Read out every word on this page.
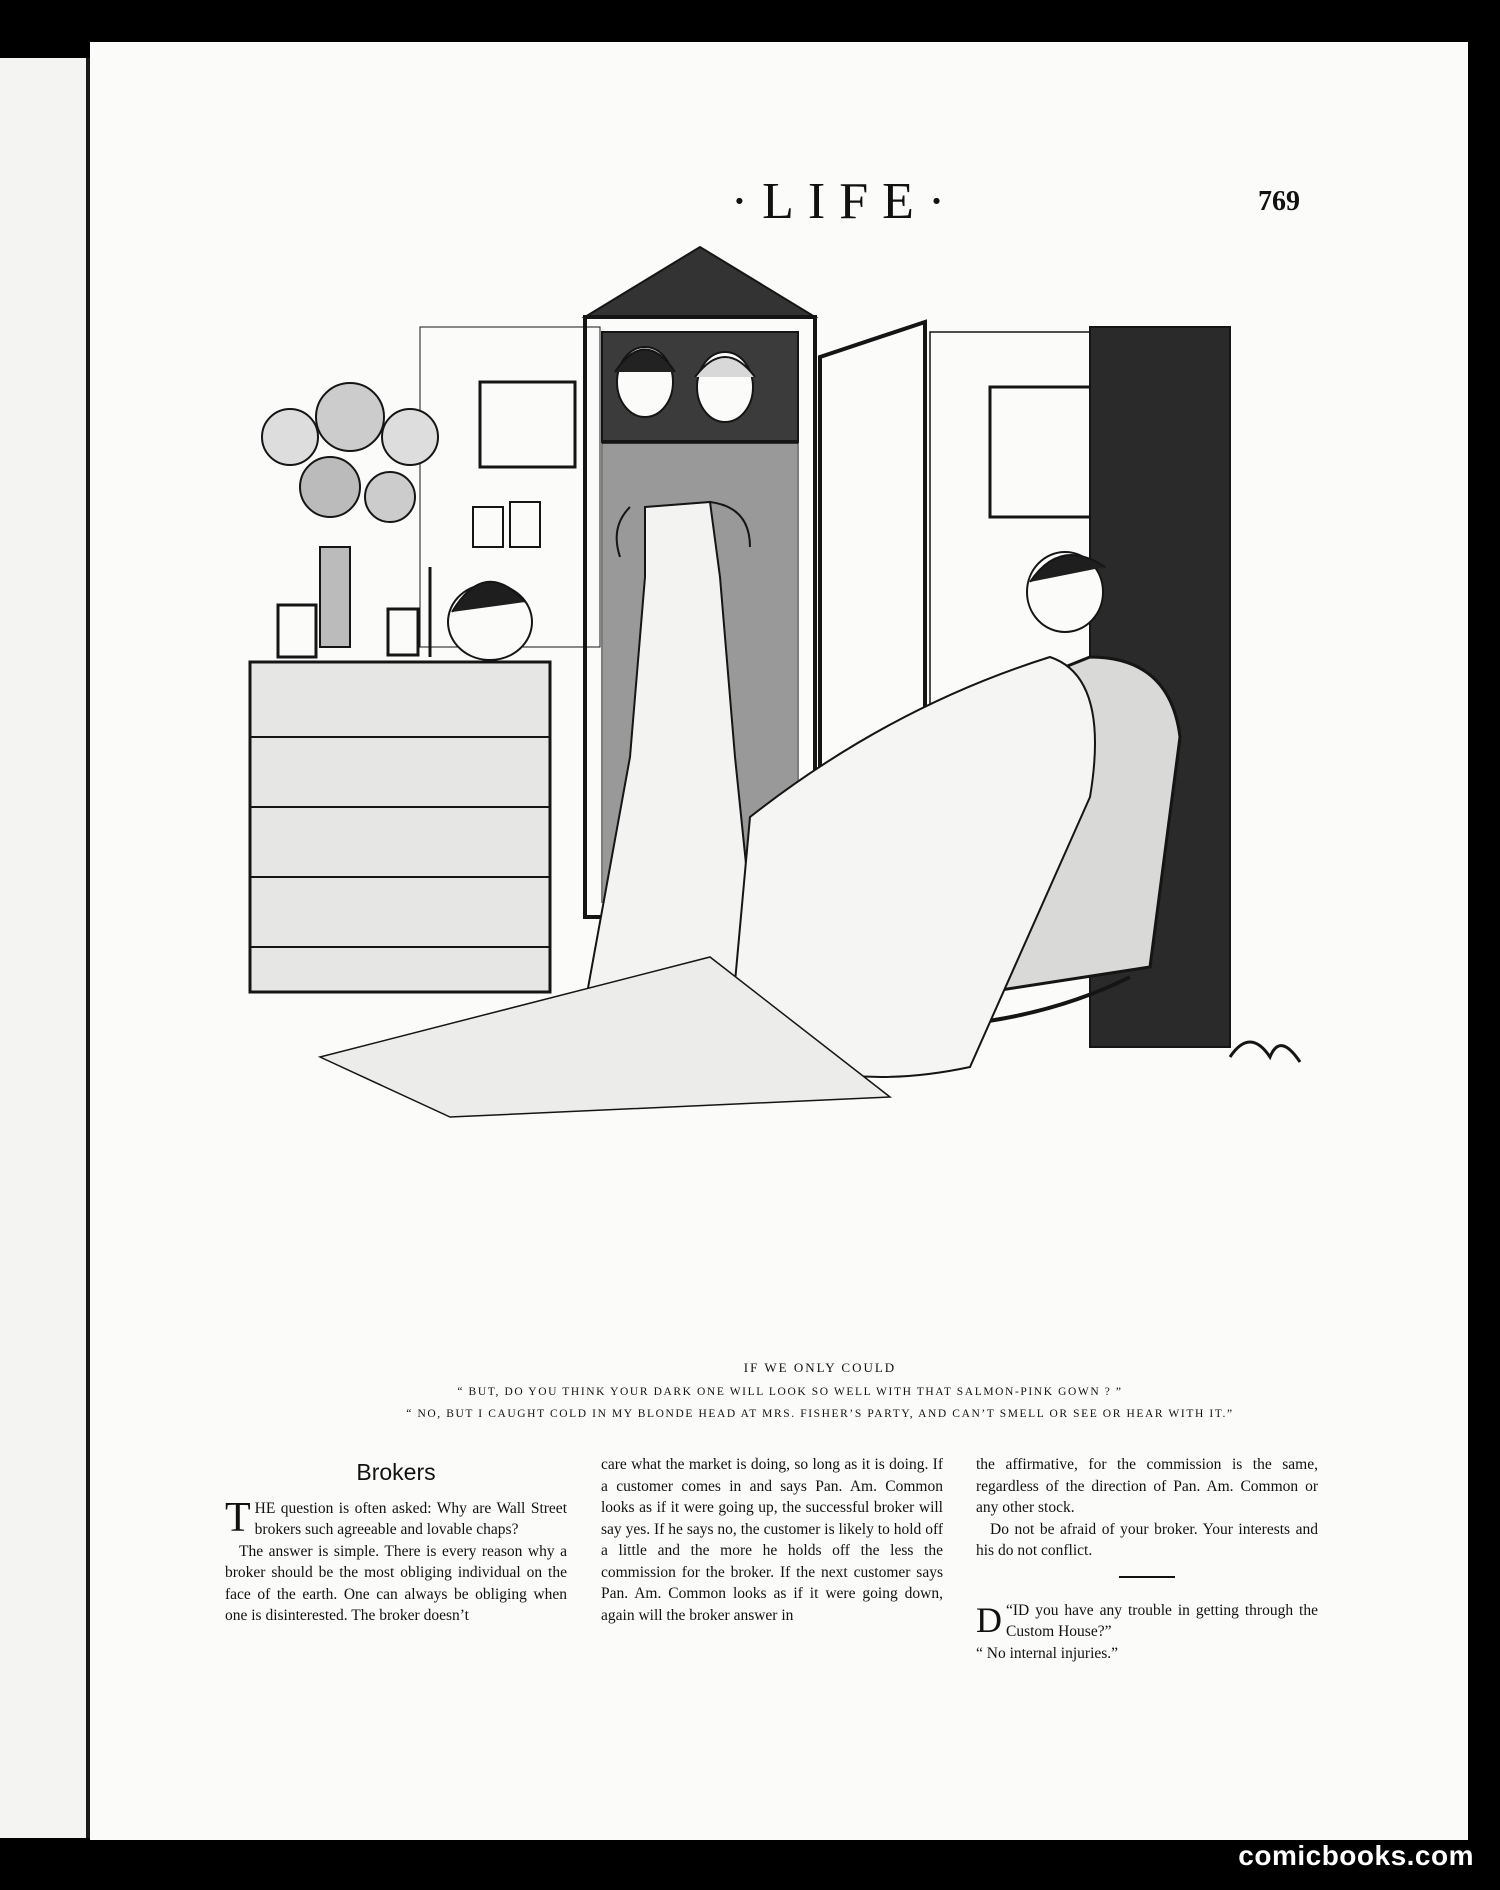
·LIFE·	769
IF WE ONLY COULD
“ BUT, DO YOU THINK YOUR DARK ONE WILL LOOK SO WELL WITH THAT SALMON-PINK GOWN ? ”
“ NO, BUT I CAUGHT COLD IN MY BLONDE HEAD AT MRS. FISHER’S PARTY, AND CAN’T SMELL OR SEE OR HEAR WITH IT.”
Brokers

THE question is often asked: Why are Wall Street brokers such agreeable and lovable chaps?

The answer is simple. There is every reason why a broker should be the most obliging individual on the face of the earth. One can always be obliging when one is disinterested. The broker doesn’t

care what the market is doing, so long as it is doing. If a customer comes in and says Pan. Am. Common looks as if it were going up, the successful broker will say yes. If he says no, the customer is likely to hold off a little and the more he holds off the less the commission for the broker. If the next customer says Pan. Am. Common looks as if it were going down, again will the broker answer in

the affirmative, for the commission is the same, regardless of the direction of Pan. Am. Common or any other stock.

Do not be afraid of your broker. Your interests and his do not conflict.

“
D ID you have any trouble in getting through the Custom House?”

“ No internal injuries.”

comicbooks.com
